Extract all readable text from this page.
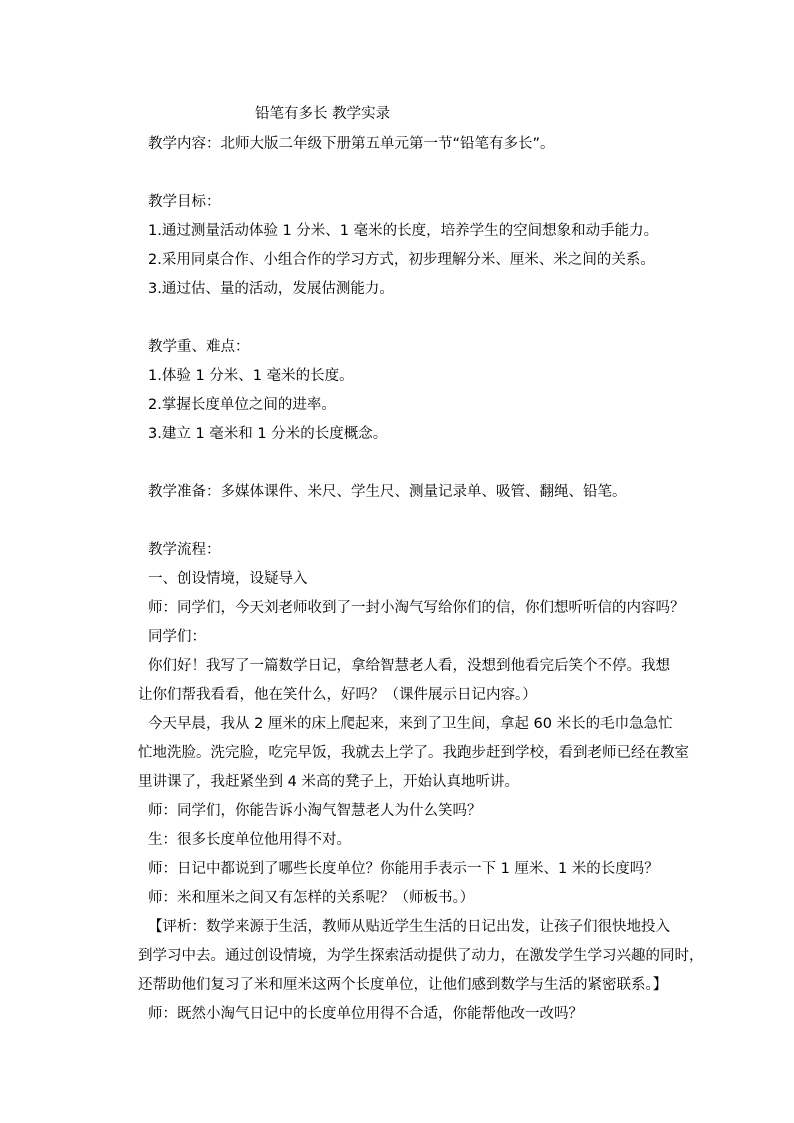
铅笔有多长 教学实录
教学内容：北师大版二年级下册第五单元第一节“铅笔有多长”。
教学目标：
1.通过测量活动体验 1 分米、1 毫米的长度，培养学生的空间想象和动手能力。
2.采用同桌合作、小组合作的学习方式，初步理解分米、厘米、米之间的关系。
3.通过估、量的活动，发展估测能力。
教学重、难点：
1.体验 1 分米、1 毫米的长度。
2.掌握长度单位之间的进率。
3.建立 1 毫米和 1 分米的长度概念。
教学准备：多媒体课件、米尺、学生尺、测量记录单、吸管、翻绳、铅笔。
教学流程：
一、创设情境，设疑导入
师：同学们，今天刘老师收到了一封小淘气写给你们的信，你们想听听信的内容吗？
同学们：
你们好！我写了一篇数学日记，拿给智慧老人看，没想到他看完后笑个不停。我想
让你们帮我看看，他在笑什么，好吗？（课件展示日记内容。）
今天早晨，我从 2 厘米的床上爬起来，来到了卫生间，拿起 60 米长的毛巾急急忙
忙地洗脸。洗完脸，吃完早饭，我就去上学了。我跑步赶到学校，看到老师已经在教室
里讲课了，我赶紧坐到 4 米高的凳子上，开始认真地听讲。
师：同学们，你能告诉小淘气智慧老人为什么笑吗？
生：很多长度单位他用得不对。
师：日记中都说到了哪些长度单位？你能用手表示一下 1 厘米、1 米的长度吗？
师：米和厘米之间又有怎样的关系呢？（师板书。）
【评析：数学来源于生活，教师从贴近学生生活的日记出发，让孩子们很快地投入
到学习中去。通过创设情境，为学生探索活动提供了动力，在激发学生学习兴趣的同时，
还帮助他们复习了米和厘米这两个长度单位，让他们感到数学与生活的紧密联系。】
师：既然小淘气日记中的长度单位用得不合适，你能帮他改一改吗？
